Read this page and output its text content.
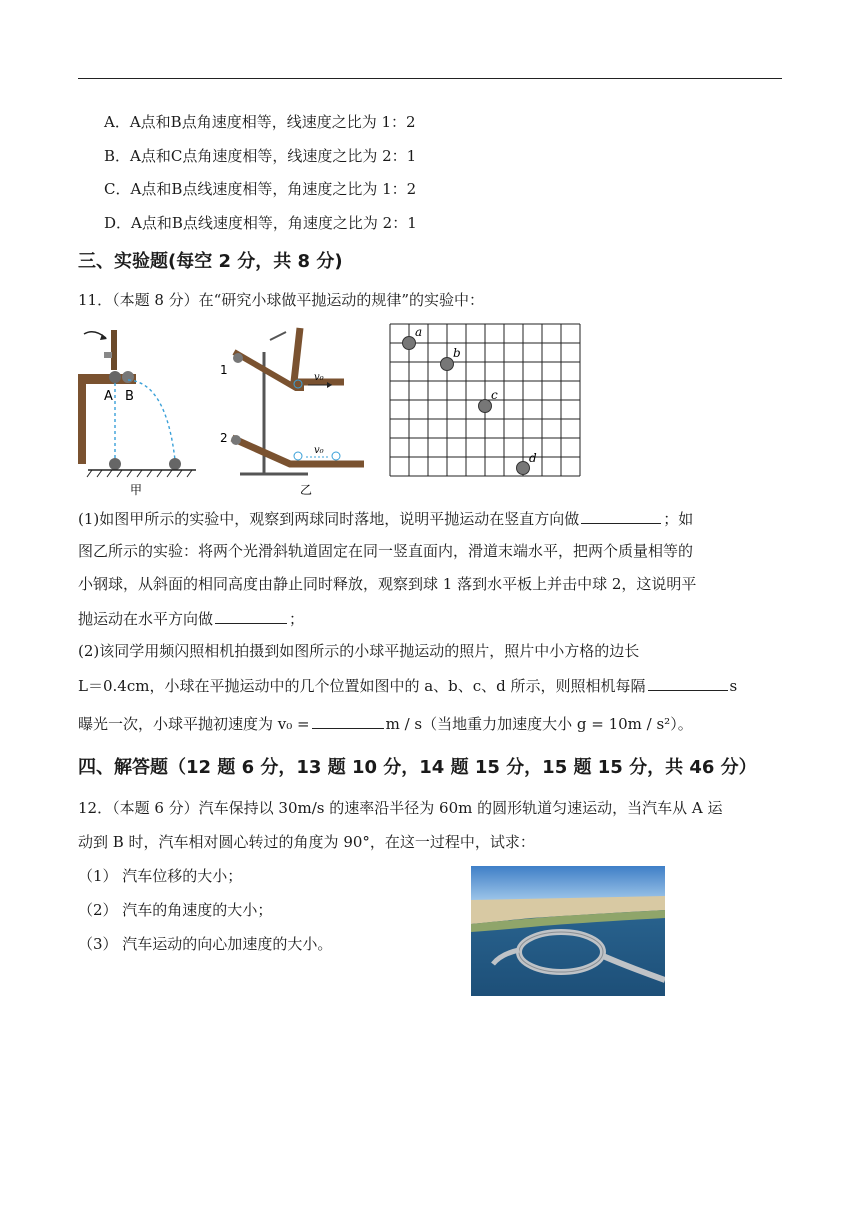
A．A点和B点角速度相等，线速度之比为 1：2
B．A点和C点角速度相等，线速度之比为 2：1
C．A点和B点线速度相等，角速度之比为 1：2
D．A点和B点线速度相等，角速度之比为 2：1
三、实验题(每空 2 分，共 8 分)
11．（本题 8 分）在“研究小球做平抛运动的规律”的实验中：
A B
甲
v₀
v₀
1
2
乙
a
b
c
d
(1)如图甲所示的实验中，观察到两球同时落地，说明平抛运动在竖直方向做	；如
图乙所示的实验：将两个光滑斜轨道固定在同一竖直面内，滑道末端水平，把两个质量相等的
小钢球，从斜面的相同高度由静止同时释放，观察到球 1 落到水平板上并击中球 2，这说明平
抛运动在水平方向做	；
(2)该同学用频闪照相机拍摄到如图所示的小球平抛运动的照片，照片中小方格的边长
L＝0.4cm，小球在平抛运动中的几个位置如图中的 a、b、c、d 所示，则照相机每隔	s
曝光一次，小球平抛初速度为 v₀ =	m / s（当地重力加速度大小 g = 10m / s²）。
四、解答题（12 题 6 分，13 题 10 分，14 题 15 分，15 题 15 分，共 46 分）
12．（本题 6 分）汽车保持以 30m/s 的速率沿半径为 60m 的圆形轨道匀速运动，当汽车从 A 运
动到 B 时，汽车相对圆心转过的角度为 90°，在这一过程中，试求：
（1） 汽车位移的大小；
（2） 汽车的角速度的大小；
（3） 汽车运动的向心加速度的大小。
